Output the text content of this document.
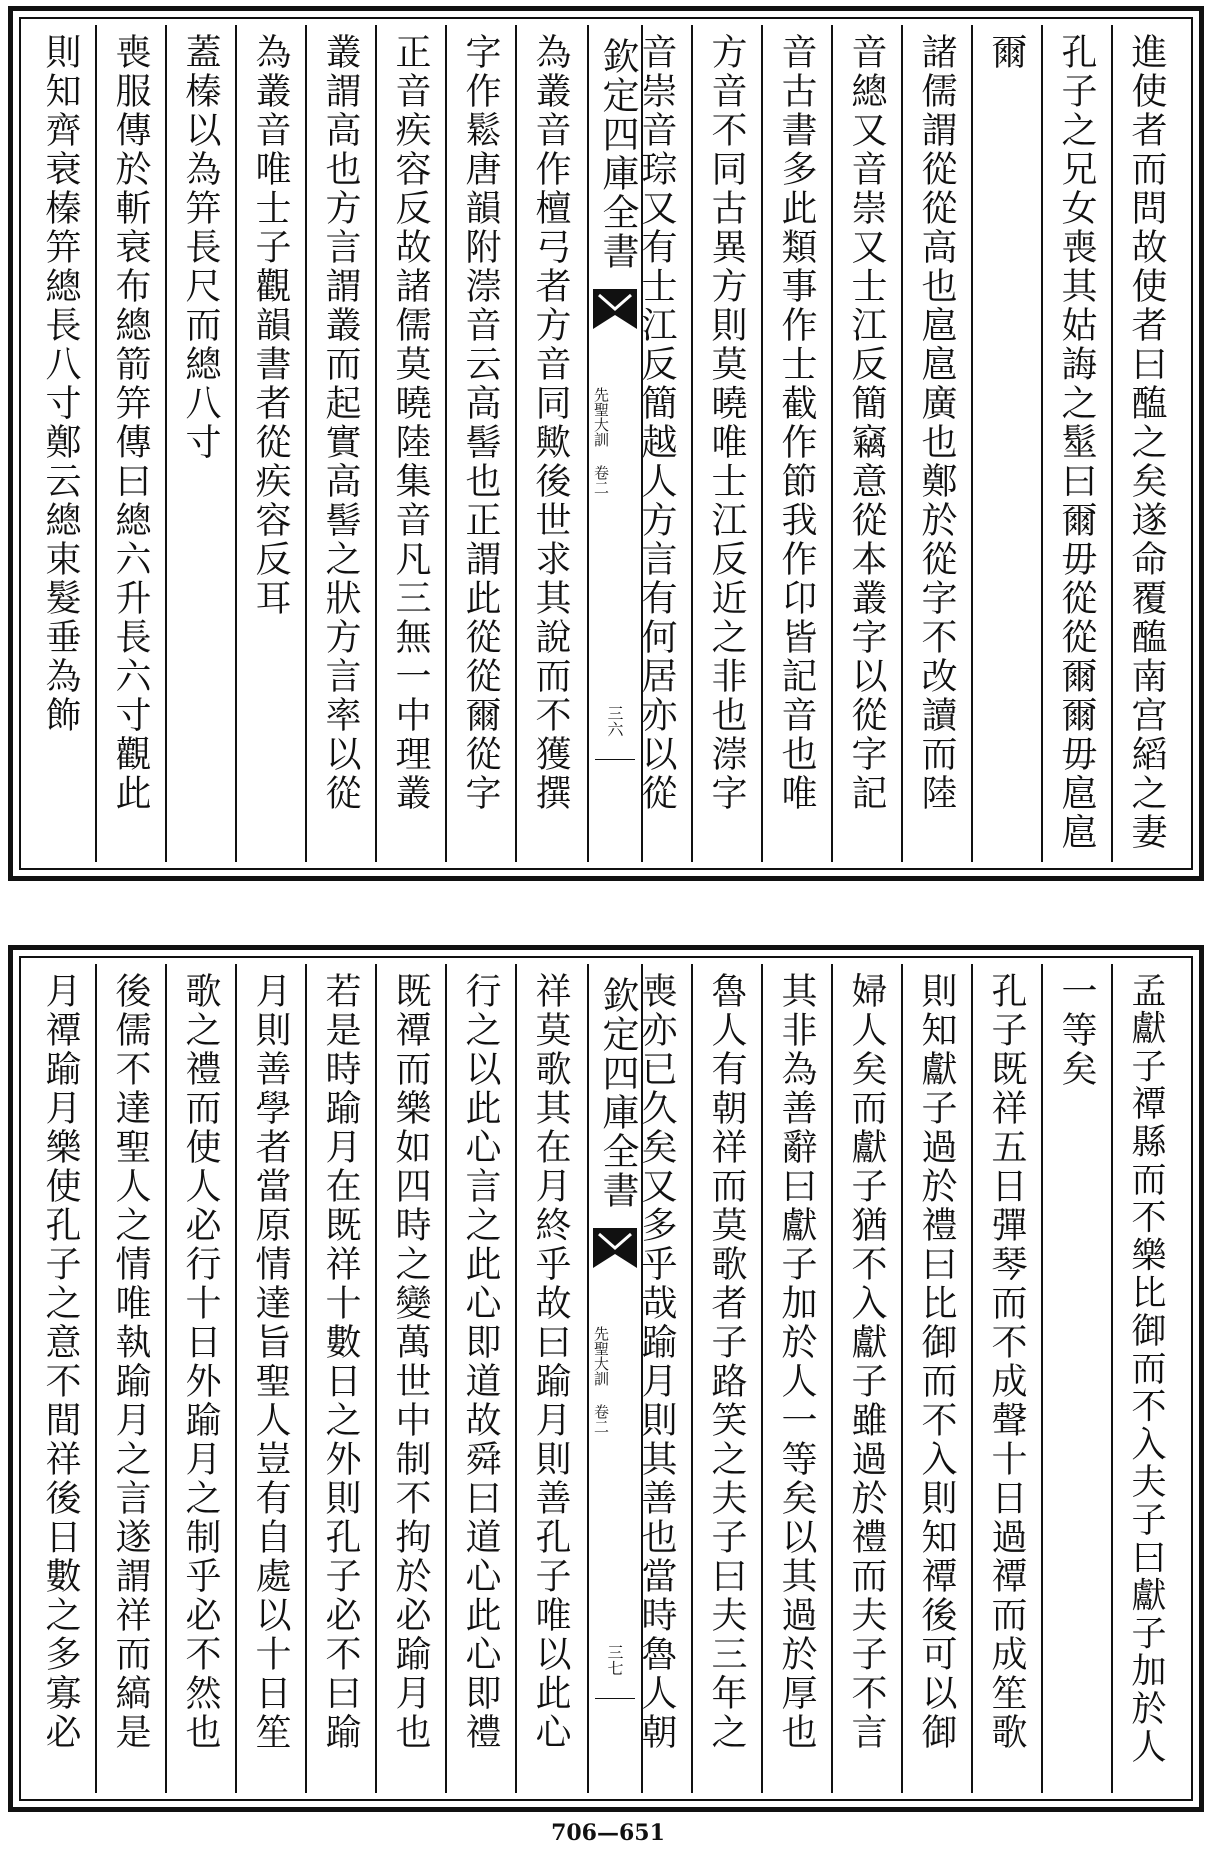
欽定四庫全書
先聖大訓 卷二
三六	進使者而問故使者曰醢之矣遂命覆醢南宫縚之妻
孔子之兄女喪其姑誨之髽曰爾毋從從爾爾毋扈扈
爾
諸儒謂從從高也扈扈廣也鄭於從字不改讀而陸
音總又音崇又士江反簡竊意從本叢字以從字記
音古書多此類事作士截作節我作卬皆記音也唯
方音不同古異方則莫曉唯士江反近之非也漴字
音崇音琮又有士江反簡越人方言有何居亦以從
為叢音作檀弓者方音同歟後世求其說而不獲撰
字作鬆唐韻附漴音云高髻也正謂此從從爾從字
正音疾容反故諸儒莫曉陸集音凡三無一中理叢
叢謂高也方言謂叢而起實高髻之狀方言率以從
為叢音唯士子觀韻書者從疾容反耳
蓋榛以為笄長尺而總八寸
喪服傳於斬衰布總箭笄傳曰總六升長六寸觀此
則知齊衰榛笄總長八寸鄭云總束髮垂為飾
欽定四庫全書
先聖大訓 卷二
三七	孟獻子禫縣而不樂比御而不入夫子曰獻子加於人
一等矣
孔子既祥五日彈琴而不成聲十日過禫而成笙歌
則知獻子過於禮曰比御而不入則知禫後可以御
婦人矣而獻子猶不入獻子雖過於禮而夫子不言
其非為善辭曰獻子加於人一等矣以其過於厚也
魯人有朝祥而莫歌者子路笑之夫子曰夫三年之
喪亦已久矣又多乎哉踰月則其善也當時魯人朝
祥莫歌其在月終乎故曰踰月則善孔子唯以此心
行之以此心言之此心即道故舜曰道心此心即禮
既禫而樂如四時之變萬世中制不拘於必踰月也
若是時踰月在既祥十數日之外則孔子必不曰踰
月則善學者當原情達旨聖人豈有自處以十日笙
歌之禮而使人必行十日外踰月之制乎必不然也
後儒不達聖人之情唯執踰月之言遂謂祥而縞是
月禫踰月樂使孔子之意不間祥後日數之多寡必
706—651
